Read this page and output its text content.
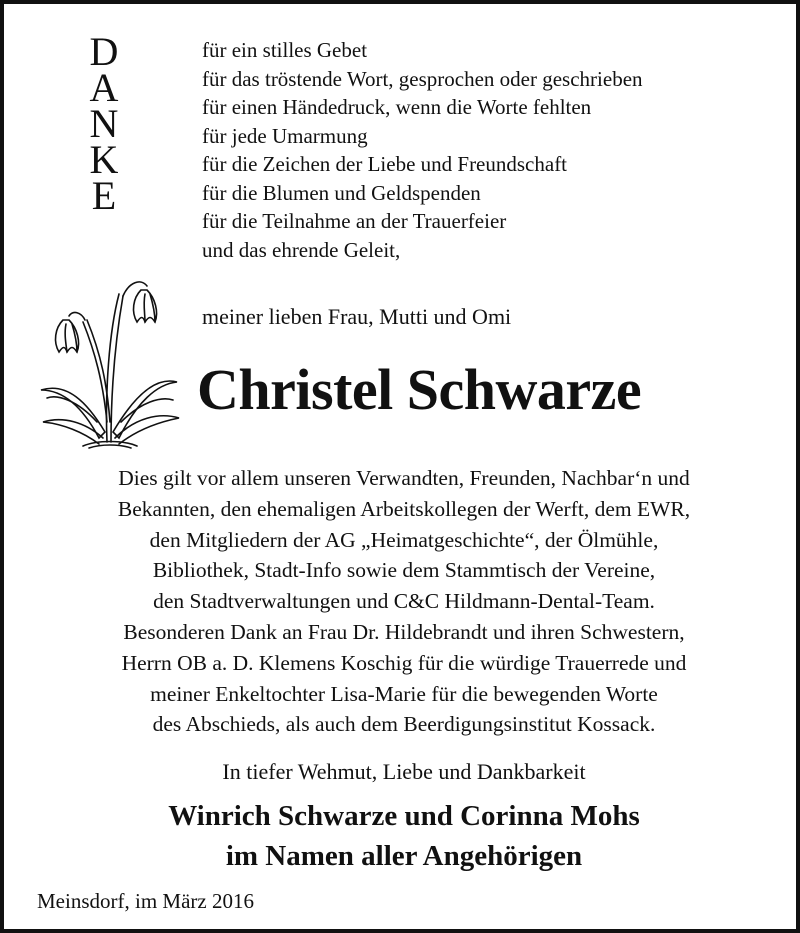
D
A
N
K
E
für ein stilles Gebet
für das tröstende Wort, gesprochen oder geschrieben
für einen Händedruck, wenn die Worte fehlten
für jede Umarmung
für die Zeichen der Liebe und Freundschaft
für die Blumen und Geldspenden
für die Teilnahme an der Trauerfeier
und das ehrende Geleit,
meiner lieben Frau, Mutti und Omi
Christel Schwarze
Dies gilt vor allem unseren Verwandten, Freunden, Nachbar‘n und
Bekannten, den ehemaligen Arbeitskollegen der Werft, dem EWR,
den Mitgliedern der AG „Heimatgeschichte“, der Ölmühle,
Bibliothek, Stadt-Info sowie dem Stammtisch der Vereine,
den Stadtverwaltungen und C&C Hildmann-Dental-Team.
Besonderen Dank an Frau Dr. Hildebrandt und ihren Schwestern,
Herrn OB a. D. Klemens Koschig für die würdige Trauerrede und
meiner Enkeltochter Lisa-Marie für die bewegenden Worte
des Abschieds, als auch dem Beerdigungsinstitut Kossack.
In tiefer Wehmut, Liebe und Dankbarkeit
Winrich Schwarze und Corinna Mohs
im Namen aller Angehörigen
Meinsdorf, im März 2016
